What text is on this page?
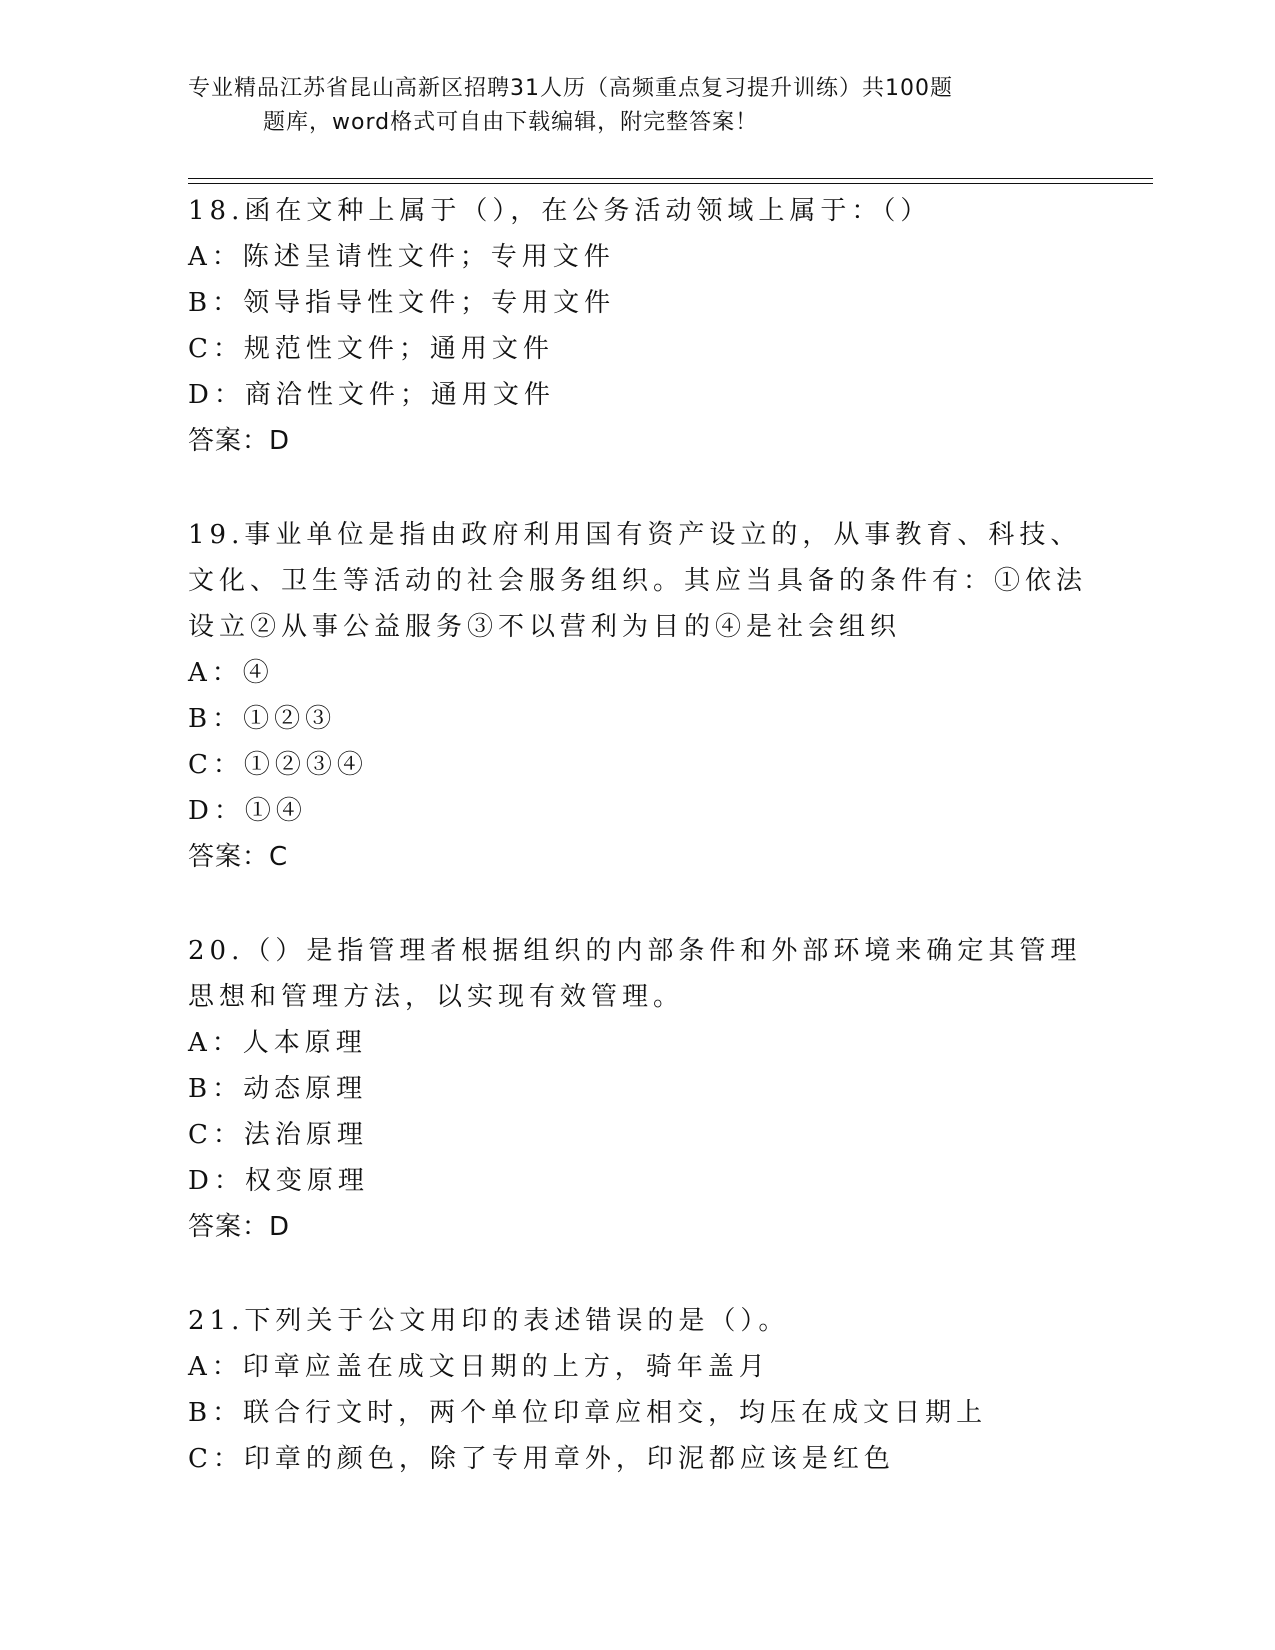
专业精品江苏省昆山高新区招聘31人历（高频重点复习提升训练）共100题
题库，word格式可自由下载编辑，附完整答案！
18.函在文种上属于（），在公务活动领域上属于：（）
A：陈述呈请性文件；专用文件
B：领导指导性文件；专用文件
C：规范性文件；通用文件
D：商洽性文件；通用文件
答案：D
19.事业单位是指由政府利用国有资产设立的，从事教育、科技、文化、卫生等活动的社会服务组织。其应当具备的条件有：①依法设立②从事公益服务③不以营利为目的④是社会组织
A：④
B：①②③
C：①②③④
D：①④
答案：C
20.（）是指管理者根据组织的内部条件和外部环境来确定其管理思想和管理方法，以实现有效管理。
A：人本原理
B：动态原理
C：法治原理
D：权变原理
答案：D
21.下列关于公文用印的表述错误的是（）。
A：印章应盖在成文日期的上方，骑年盖月
B：联合行文时，两个单位印章应相交，均压在成文日期上
C：印章的颜色，除了专用章外，印泥都应该是红色
